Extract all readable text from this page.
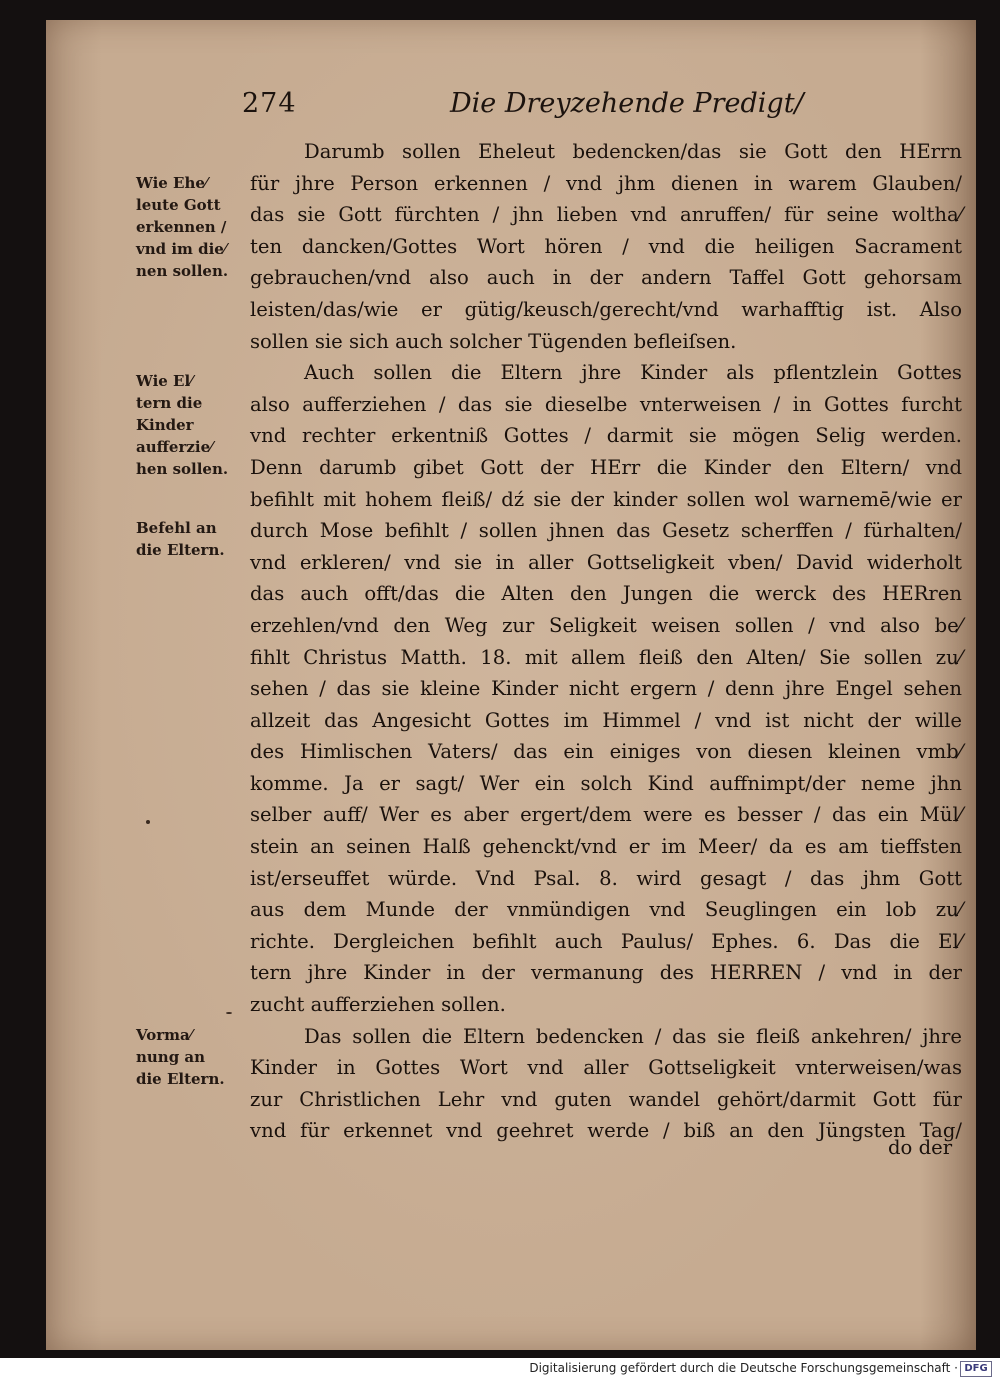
274	Die Dreyzehende Predigt/
Wie Ehe⁄
leute Gott
erkennen /
vnd im die⁄
nen sollen.
Wie El⁄
tern die
Kinder
aufferzie⁄
hen sollen.
Befehl an
die Eltern.
Vorma⁄
nung an
die Eltern.
Darumb sollen Eheleut bedencken/das sie Gott den HErrn
für jhre Person erkennen / vnd jhm dienen in warem Glauben/
das sie Gott fürchten / jhn lieben vnd anruffen/ für seine woltha⁄
ten dancken/Gottes Wort hören / vnd die heiligen Sacrament
gebrauchen/vnd also auch in der andern Taffel Gott gehorsam
leisten/das/wie er gütig/keusch/gerecht/vnd warhafftig ist. Also
sollen sie sich auch solcher Tügenden befleiſsen.
Auch sollen die Eltern jhre Kinder als pflentzlein Gottes
also aufferziehen / das sie dieselbe vnterweisen / in Gottes furcht
vnd rechter erkentniß Gottes / darmit sie mögen Selig werden.
Denn darumb gibet Gott der HErr die Kinder den Eltern/ vnd
befihlt mit hohem fleiß/ dź sie der kinder sollen wol warnemē/wie er
durch Mose befihlt / sollen jhnen das Gesetz scherffen / fürhalten/
vnd erkleren/ vnd sie in aller Gottseligkeit vben/ David widerholt
das auch offt/das die Alten den Jungen die werck des HERren
erzehlen/vnd den Weg zur Seligkeit weisen sollen / vnd also be⁄
fihlt Christus Matth. 18. mit allem fleiß den Alten/ Sie sollen zu⁄
sehen / das sie kleine Kinder nicht ergern / denn jhre Engel sehen
allzeit das Angesicht Gottes im Himmel / vnd ist nicht der wille
des Himlischen Vaters/ das ein einiges von diesen kleinen vmb⁄
komme. Ja er sagt/ Wer ein solch Kind auffnimpt/der neme jhn
selber auff/ Wer es aber ergert/dem were es besser / das ein Mül⁄
stein an seinen Halß gehenckt/vnd er im Meer/ da es am tieffsten
ist/erseuffet würde. Vnd Psal. 8. wird gesagt / das jhm Gott
aus dem Munde der vnmündigen vnd Seuglingen ein lob zu⁄
richte. Dergleichen befihlt auch Paulus/ Ephes. 6. Das die El⁄
tern jhre Kinder in der vermanung des HERREN / vnd in der
zucht aufferziehen sollen.
Das sollen die Eltern bedencken / das sie fleiß ankehren/ jhre
Kinder in Gottes Wort vnd aller Gottseligkeit vnterweisen/was
zur Christlichen Lehr vnd guten wandel gehört/darmit Gott für
vnd für erkennet vnd geehret werde / biß an den Jüngsten Tag/
do der
Digitalisierung gefördert durch die Deutsche Forschungsgemeinschaft · DFG
